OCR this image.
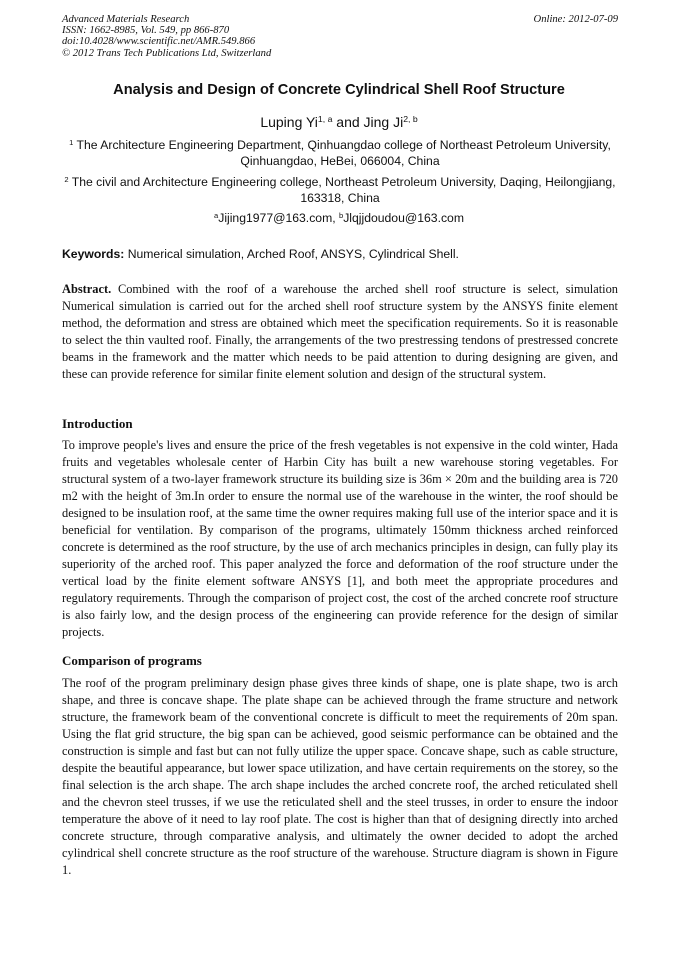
Advanced Materials Research
ISSN: 1662-8985, Vol. 549, pp 866-870
doi:10.4028/www.scientific.net/AMR.549.866
© 2012 Trans Tech Publications Ltd, Switzerland
Online: 2012-07-09
Analysis and Design of Concrete Cylindrical Shell Roof Structure
Luping Yi$^{1, a}$ and Jing Ji$^{2, b}$
$^1$ The Architecture Engineering Department, Qinhuangdao college of Northeast Petroleum University, Qinhuangdao, HeBei, 066004, China
$^2$ The civil and Architecture Engineering college, Northeast Petroleum University, Daqing, Heilongjiang, 163318, China
$^a$Jijing1977@163.com, $^b$Jlqjjdoudou@163.com
Keywords: Numerical simulation, Arched Roof, ANSYS, Cylindrical Shell.
Abstract. Combined with the roof of a warehouse the arched shell roof structure is select, simulation Numerical simulation is carried out for the arched shell roof structure system by the ANSYS finite element method, the deformation and stress are obtained which meet the specification requirements. So it is reasonable to select the thin vaulted roof. Finally, the arrangements of the two prestressing tendons of prestressed concrete beams in the framework and the matter which needs to be paid attention to during designing are given, and these can provide reference for similar finite element solution and design of the structural system.
Introduction
To improve people's lives and ensure the price of the fresh vegetables is not expensive in the cold winter, Hada fruits and vegetables wholesale center of Harbin City has built a new warehouse storing vegetables. For structural system of a two-layer framework structure its building size is 36m × 20m and the building area is 720 m2 with the height of 3m.In order to ensure the normal use of the warehouse in the winter, the roof should be designed to be insulation roof, at the same time the owner requires making full use of the interior space and it is beneficial for ventilation. By comparison of the programs, ultimately 150mm thickness arched reinforced concrete is determined as the roof structure, by the use of arch mechanics principles in design, can fully play its superiority of the arched roof. This paper analyzed the force and deformation of the roof structure under the vertical load by the finite element software ANSYS [1], and both meet the appropriate procedures and regulatory requirements. Through the comparison of project cost, the cost of the arched concrete roof structure is also fairly low, and the design process of the engineering can provide reference for the design of similar projects.
Comparison of programs
The roof of the program preliminary design phase gives three kinds of shape, one is plate shape, two is arch shape, and three is concave shape. The plate shape can be achieved through the frame structure and network structure, the framework beam of the conventional concrete is difficult to meet the requirements of 20m span. Using the flat grid structure, the big span can be achieved, good seismic performance can be obtained and the construction is simple and fast but can not fully utilize the upper space. Concave shape, such as cable structure, despite the beautiful appearance, but lower space utilization, and have certain requirements on the storey, so the final selection is the arch shape. The arch shape includes the arched concrete roof, the arched reticulated shell and the chevron steel trusses, if we use the reticulated shell and the steel trusses, in order to ensure the indoor temperature the above of it need to lay roof plate. The cost is higher than that of designing directly into arched concrete structure, through comparative analysis, and ultimately the owner decided to adopt the arched cylindrical shell concrete structure as the roof structure of the warehouse. Structure diagram is shown in Figure 1.
